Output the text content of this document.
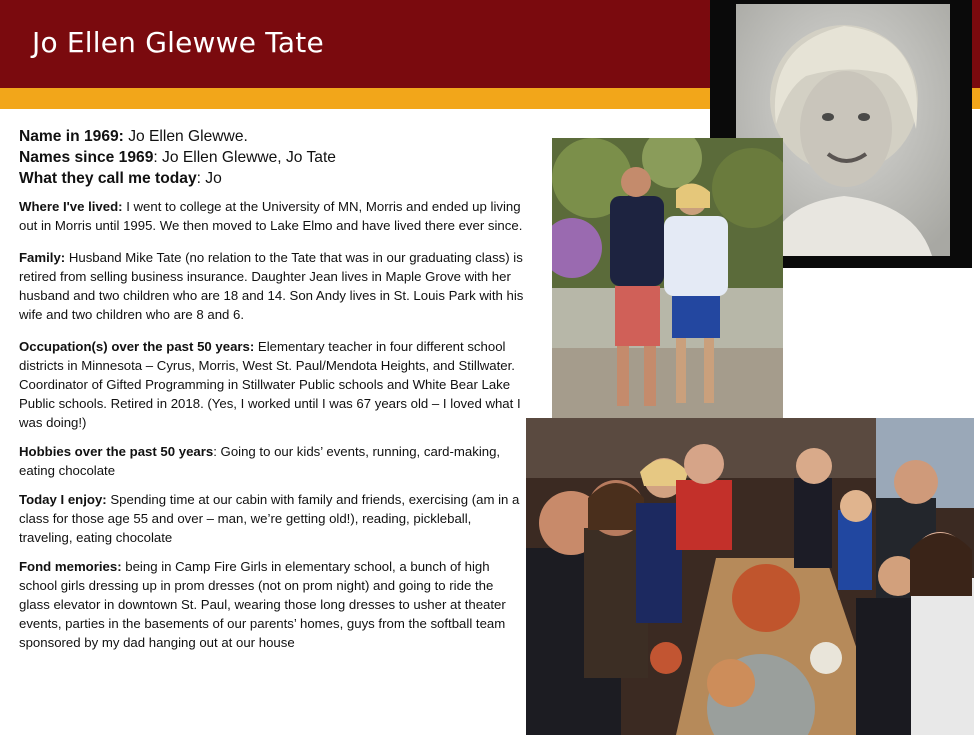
Jo Ellen Glewwe Tate

Name in 1969: Jo Ellen Glewwe.

Names since 1969: Jo Ellen Glewwe, Jo Tate

What they call me today: Jo

Where I've lived: I went to college at the University of MN, Morris and ended up living out in Morris until 1995. We then moved to Lake Elmo and have lived there ever since.

Family: Husband Mike Tate (no relation to the Tate that was in our graduating class) is retired from selling business insurance. Daughter Jean lives in Maple Grove with her husband and two children who are 18 and 14. Son Andy lives in St. Louis Park with his wife and two children who are 8 and 6.

Occupation(s) over the past 50 years: Elementary teacher in four different school districts in Minnesota – Cyrus, Morris, West St. Paul/Mendota Heights, and Stillwater. Coordinator of Gifted Programming in Stillwater Public schools and White Bear Lake Public schools. Retired in 2018. (Yes, I worked until I was 67 years old – I loved what I was doing!)

Hobbies over the past 50 years: Going to our kids’ events, running, card-making, eating chocolate

Today I enjoy: Spending time at our cabin with family and friends, exercising (am in a class for those age 55 and over – man, we’re getting old!), reading, pickleball, traveling, eating chocolate

Fond memories: being in Camp Fire Girls in elementary school, a bunch of high school girls dressing up in prom dresses (not on prom night) and going to ride the glass elevator in downtown St. Paul, wearing those long dresses to usher at theater events, parties in the basements of our parents’ homes, guys from the softball team sponsored by my dad hanging out at our house
